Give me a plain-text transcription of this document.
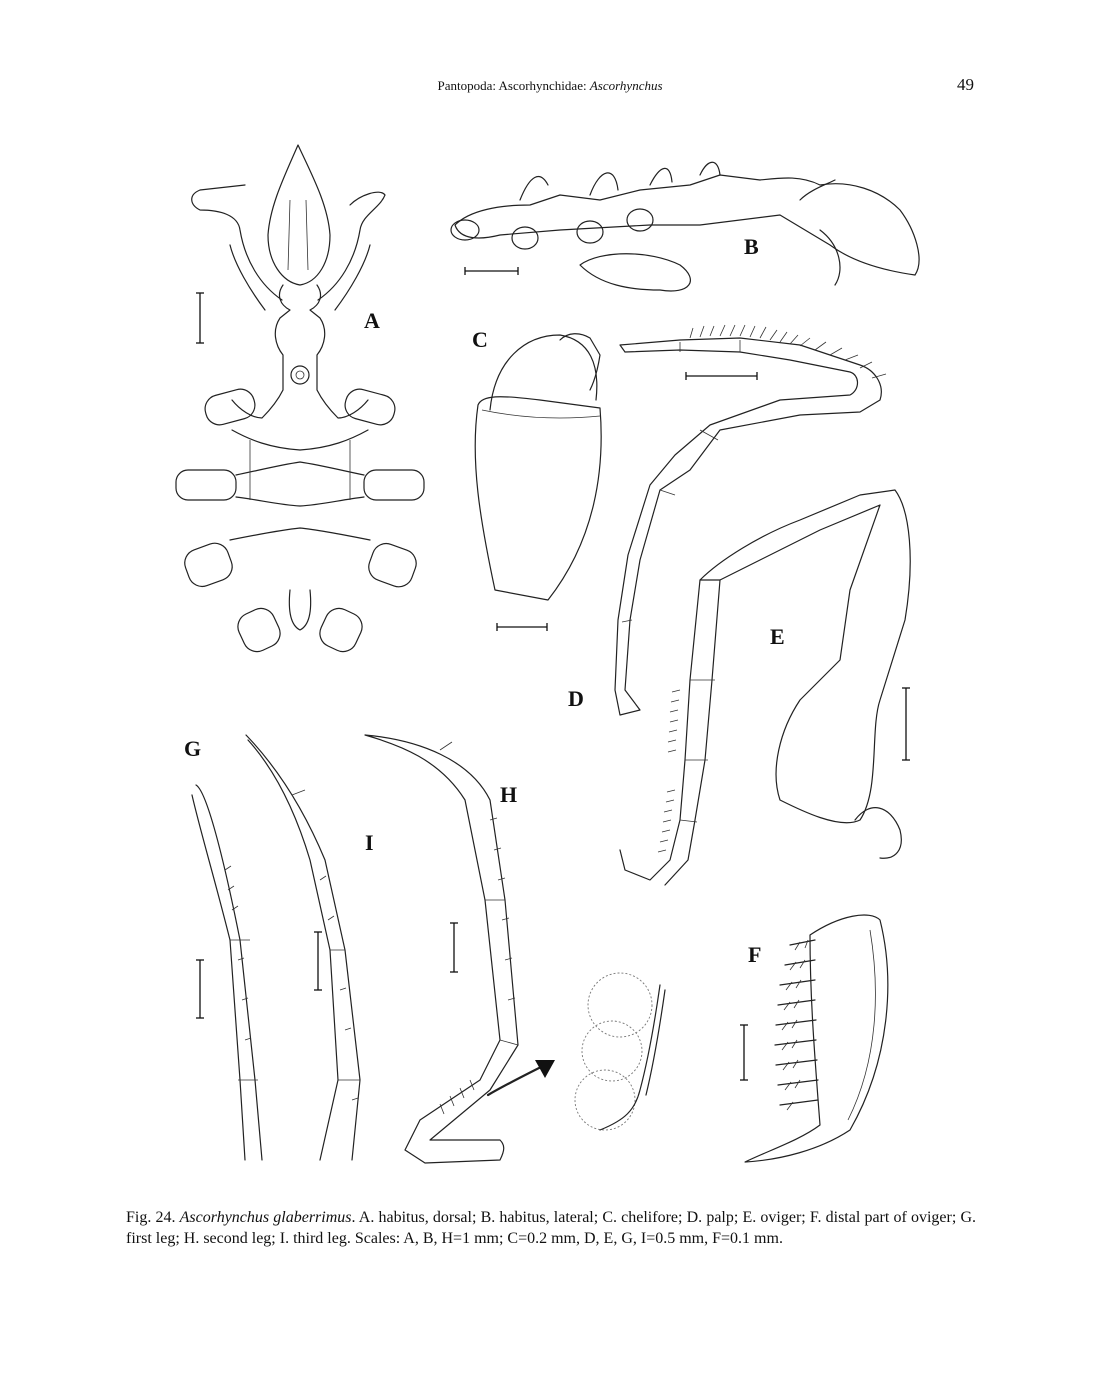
Pantopoda: Ascorhynchidae: Ascorhynchus	49
A
B
C
D
E
G
I
H
F
Fig. 24. Ascorhynchus glaberrimus. A. habitus, dorsal; B. habitus, lateral; C. chelifore; D. palp; E. oviger; F. distal part of oviger; G. first leg; H. second leg; I. third leg. Scales: A, B, H=1 mm; C=0.2 mm, D, E, G, I=0.5 mm, F=0.1 mm.
